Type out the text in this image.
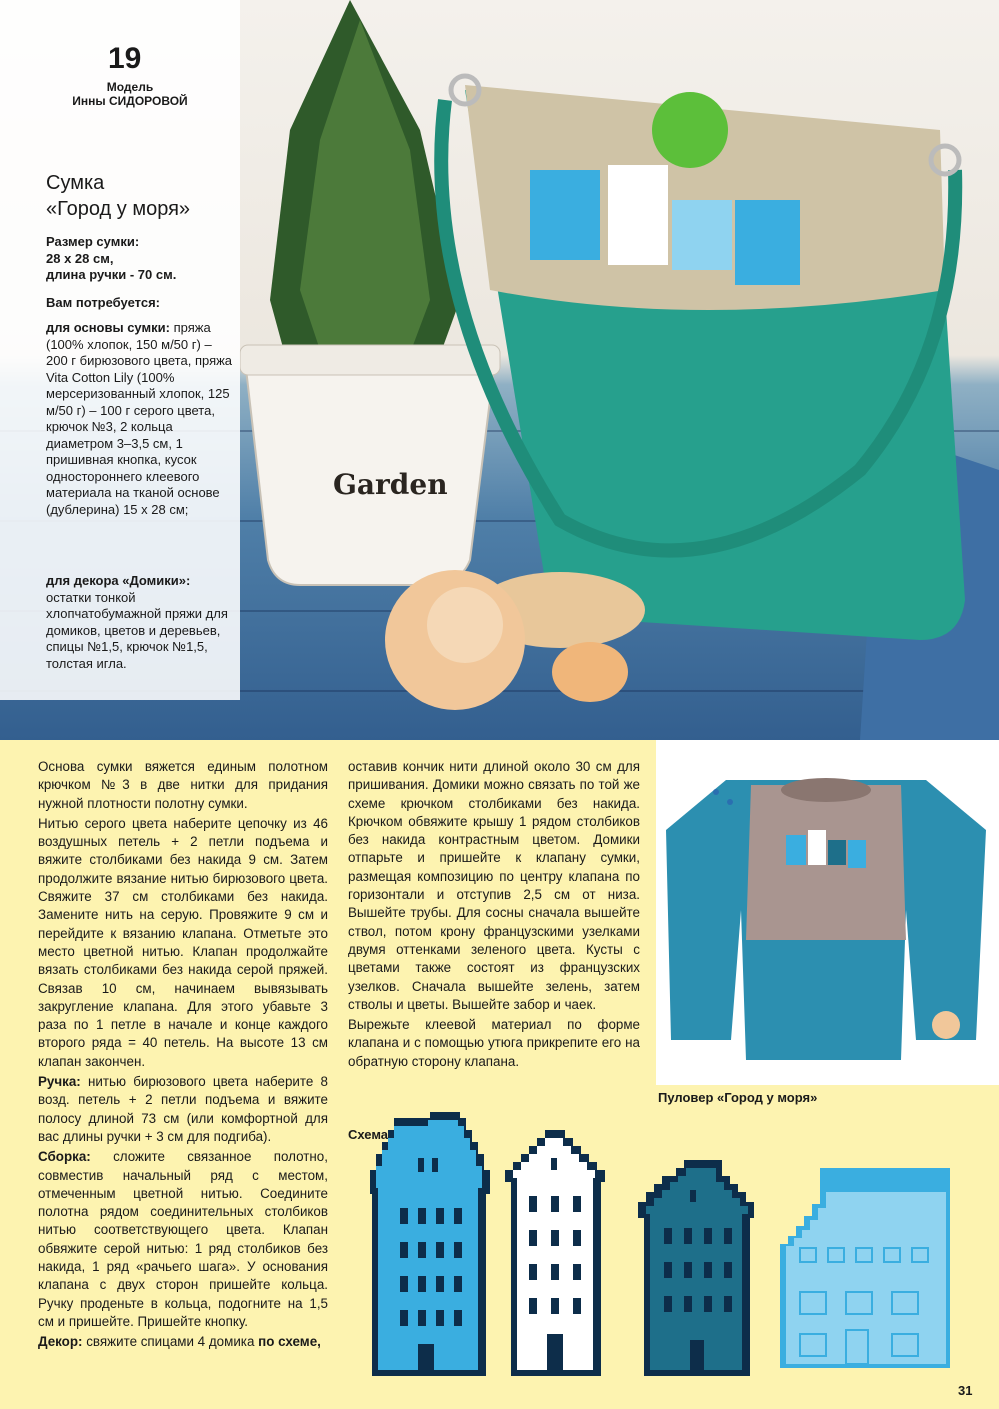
Garden
19
Модель
Инны СИДОРОВОЙ
Сумка
«Город у моря»
Размер сумки:
28 x 28 см,
длина ручки - 70 см.
Вам потребуется:
для основы сумки: пряжа (100% хлопок, 150 м/50 г) – 200 г бирюзового цвета, пряжа Vita Cotton Lily (100% мерсеризованный хлопок, 125 м/50 г) – 100 г серого цвета, крючок №3, 2 кольца диаметром 3–3,5 см, 1 пришивная кнопка, кусок одностороннего клеевого материала на тканой основе (дублерина) 15 х 28 см;
для декора «Домики»: остатки тонкой хлопчатобумажной пряжи для домиков, цветов и деревьев, спицы №1,5, крючок №1,5, толстая игла.

Основа сумки вяжется единым полотном крючком №3 в две нитки для придания нужной плотности полотну сумки.

Нитью серого цвета наберите цепочку из 46 воздушных петель + 2 петли подъема и вяжите столбиками без накида 9 см. Затем продолжите вязание нитью бирюзового цвета. Свяжите 37 см столбиками без накида. Замените нить на серую. Провяжите 9 см и перейдите к вязанию клапана. Отметьте это место цветной нитью. Клапан продолжайте вязать столбиками без накида серой пряжей. Связав 10 см, начинаем вывязывать закругление клапана. Для этого убавьте 3 раза по 1 петле в начале и конце каждого второго ряда = 40 петель. На высоте 13 см клапан закончен.

Ручка: нитью бирюзового цвета наберите 8 возд. петель + 2 петли подъема и вяжите полосу длиной 73 см (или комфортной для вас длины ручки + 3 см для подгиба).

Сборка: сложите связанное полотно, совместив начальный ряд с местом, отмеченным цветной нитью. Соедините полотна рядом соединительных столбиков нитью соответствующего цвета. Клапан обвяжите серой нитью: 1 ряд столбиков без накида, 1 ряд «рачьего шага». У основания клапана с двух сторон пришейте кольца. Ручку проденьте в кольца, подогните на 1,5 см и пришейте. Пришейте кнопку.

Декор: свяжите спицами 4 домика по схеме,

оставив кончик нити длиной около 30 см для пришивания. Домики можно связать по той же схеме крючком столбиками без накида. Крючком обвяжите крышу 1 рядом столбиков без накида контрастным цветом. Домики отпарьте и пришейте к клапану сумки, размещая композицию по центру клапана по горизонтали и отступив 2,5 см от низа. Вышейте трубы. Для сосны сначала вышейте ствол, потом крону французскими узелками двумя оттенками зеленого цвета. Кусты с цветами также состоят из французских узелков. Сначала вышейте зелень, затем стволы и цветы. Вышейте забор и чаек.

Вырежьте клеевой материал по форме клапана и с помощью утюга прикрепите его на обратную сторону клапана.

Пуловер «Город у моря»
Схема
31
